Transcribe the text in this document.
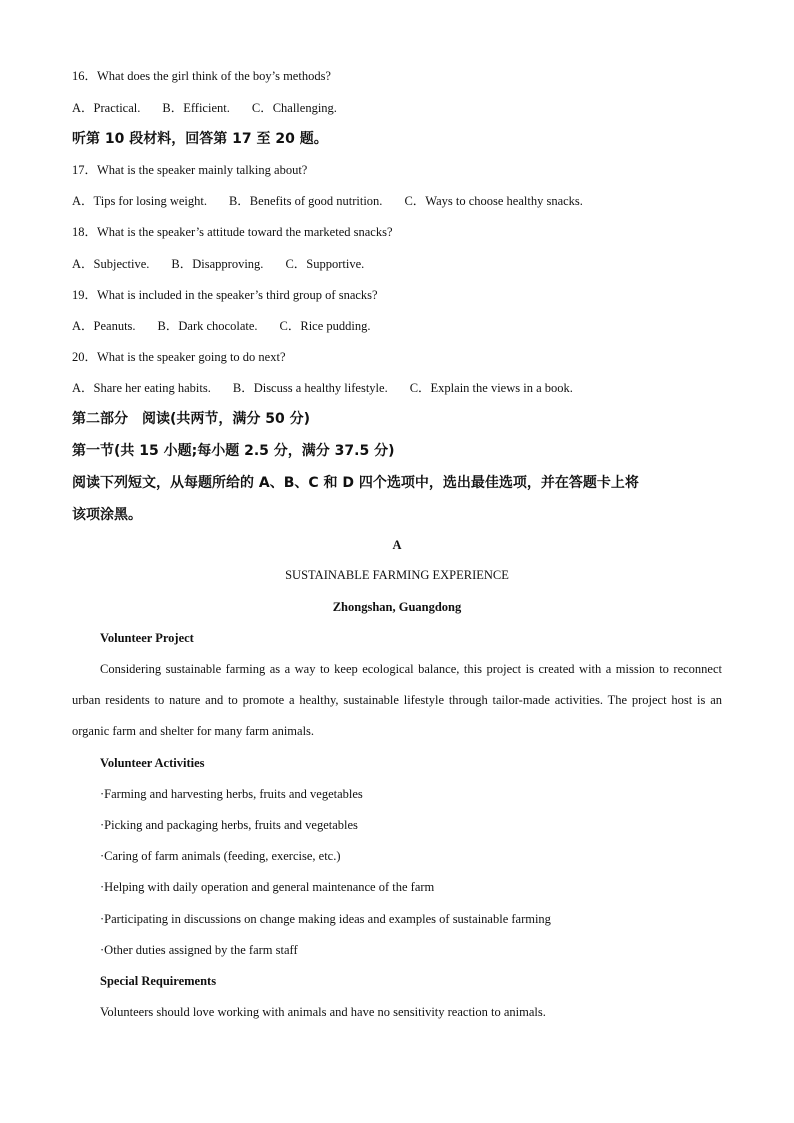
16．What does the girl think of the boy’s methods?
A．Practical. B．Efficient. C．Challenging.
听第 10 段材料，回答第 17 至 20 题。
17．What is the speaker mainly talking about?
A．Tips for losing weight. B．Benefits of good nutrition. C．Ways to choose healthy snacks.
18．What is the speaker’s attitude toward the marketed snacks?
A．Subjective. B．Disapproving. C．Supportive.
19．What is included in the speaker’s third group of snacks?
A．Peanuts. B．Dark chocolate. C．Rice pudding.
20．What is the speaker going to do next?
A．Share her eating habits. B．Discuss a healthy lifestyle. C．Explain the views in a book.
第二部分　阅读(共两节，满分 50 分)
第一节(共 15 小题;每小题 2.5 分，满分 37.5 分)
阅读下列短文，从每题所给的 A、B、C 和 D 四个选项中，选出最佳选项，并在答题卡上将
该项涂黑。
A
SUSTAINABLE FARMING EXPERIENCE
Zhongshan, Guangdong
Volunteer Project
Considering sustainable farming as a way to keep ecological balance, this project is created with a mission to reconnect urban residents to nature and to promote a healthy, sustainable lifestyle through tailor-made activities. The project host is an organic farm and shelter for many farm animals.
Volunteer Activities
·Farming and harvesting herbs, fruits and vegetables
·Picking and packaging herbs, fruits and vegetables
·Caring of farm animals (feeding, exercise, etc.)
·Helping with daily operation and general maintenance of the farm
·Participating in discussions on change making ideas and examples of sustainable farming
·Other duties assigned by the farm staff
Special Requirements
Volunteers should love working with animals and have no sensitivity reaction to animals.
